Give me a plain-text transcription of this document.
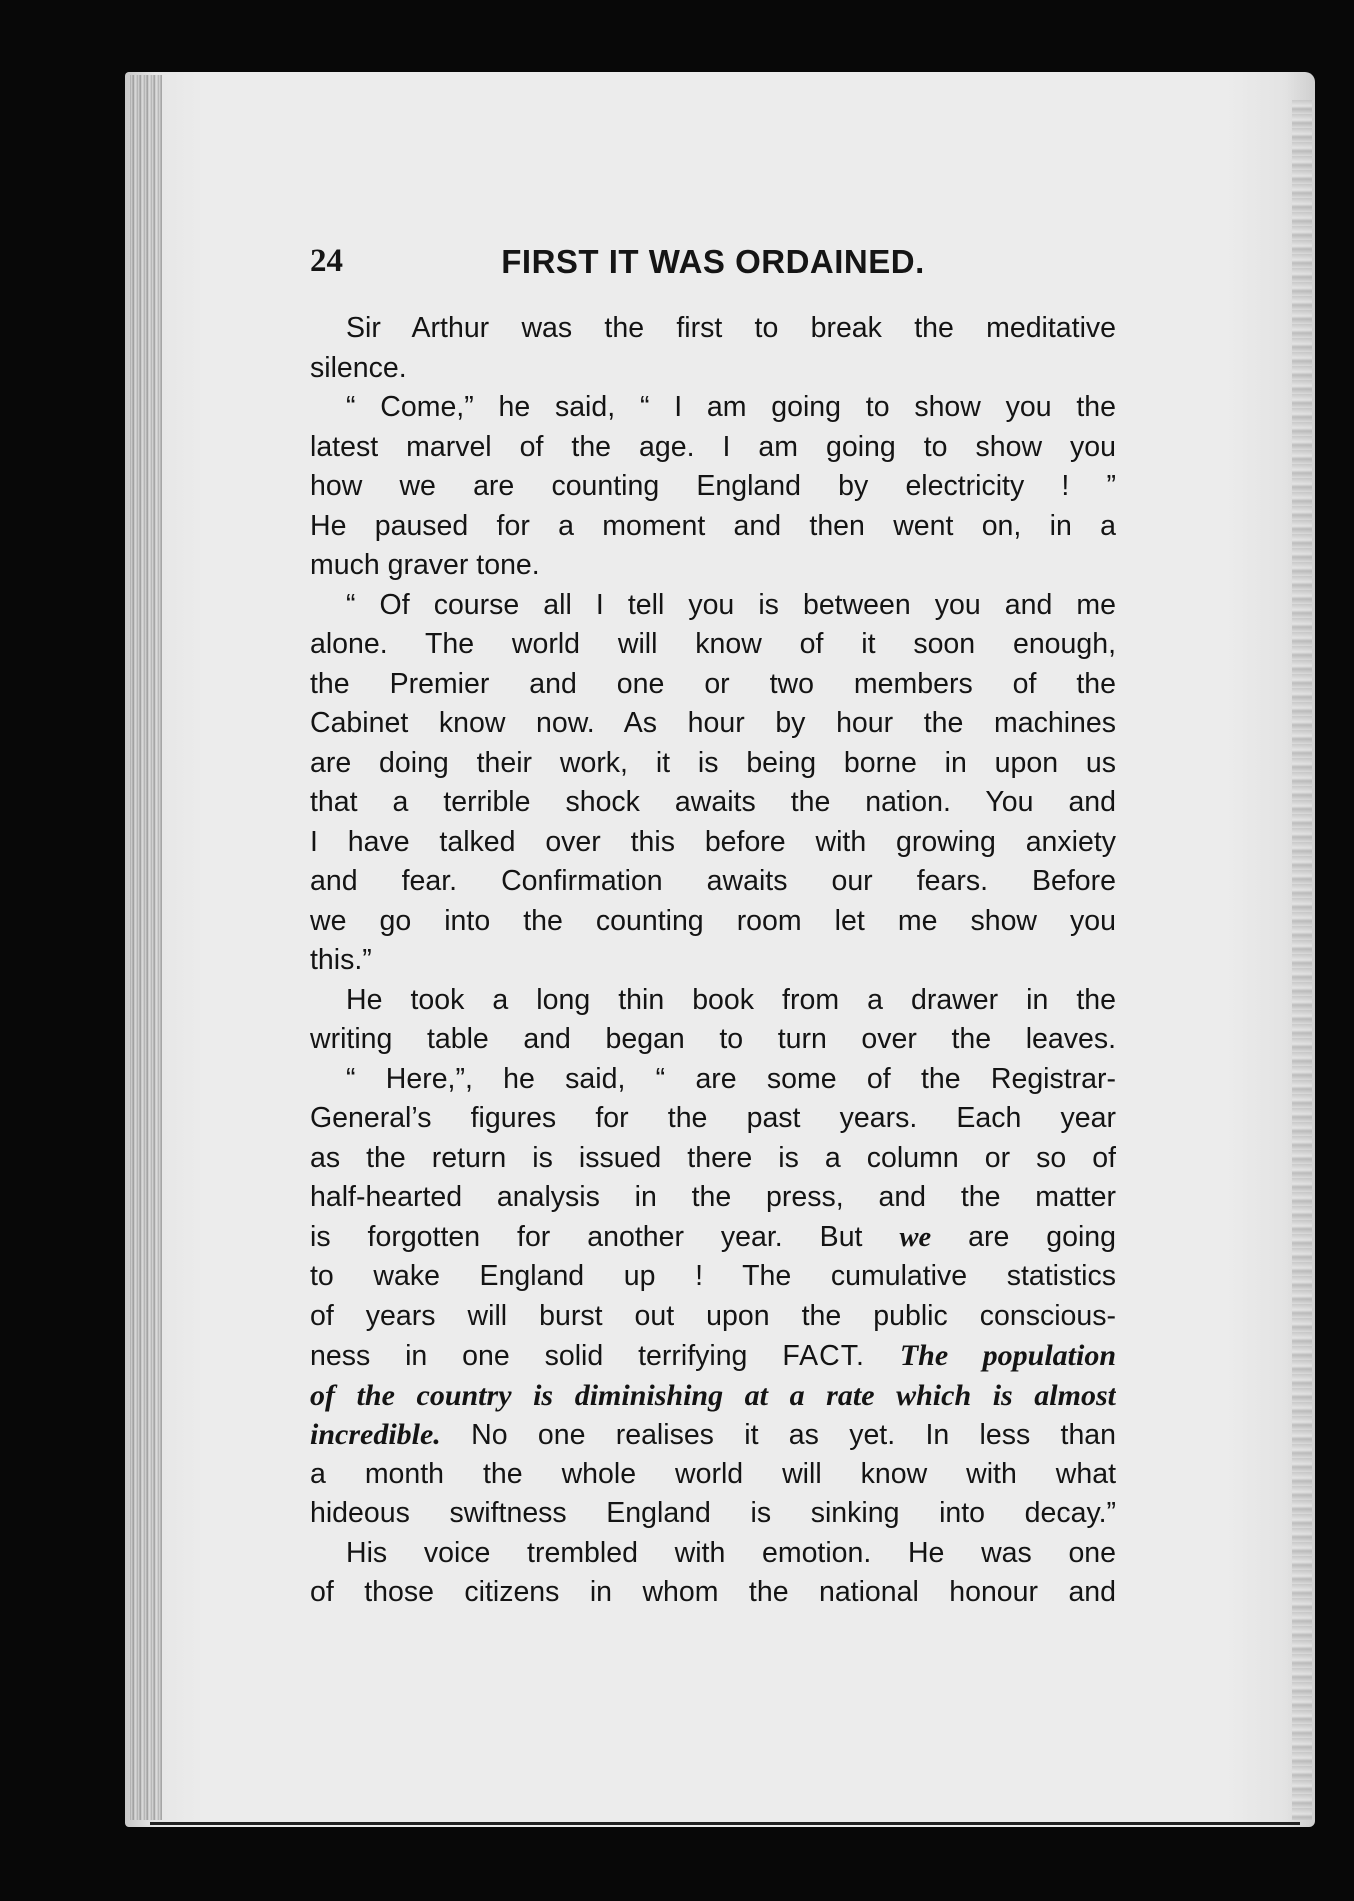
24	FIRST IT WAS ORDAINED.
Sir Arthur was the first to break the meditative
silence.
“ Come,” he said, “ I am going to show you the
latest marvel of the age. I am going to show you
how we are counting England by electricity ! ”
He paused for a moment and then went on, in a
much graver tone.
“ Of course all I tell you is between you and me
alone. The world will know of it soon enough,
the Premier and one or two members of the
Cabinet know now. As hour by hour the machines
are doing their work, it is being borne in upon us
that a terrible shock awaits the nation. You and
I have talked over this before with growing anxiety
and fear. Confirmation awaits our fears. Before
we go into the counting room let me show you
this.”
He took a long thin book from a drawer in the
writing table and began to turn over the leaves.
“ Here,”, he said, “ are some of the Registrar-
General’s figures for the past years. Each year
as the return is issued there is a column or so of
half-hearted analysis in the press, and the matter
is forgotten for another year. But we are going
to wake England up ! The cumulative statistics
of years will burst out upon the public conscious-
ness in one solid terrifying FACT. The population
of the country is diminishing at a rate which is almost
incredible. No one realises it as yet. In less than
a month the whole world will know with what
hideous swiftness England is sinking into decay.”
His voice trembled with emotion. He was one
of those citizens in whom the national honour and
